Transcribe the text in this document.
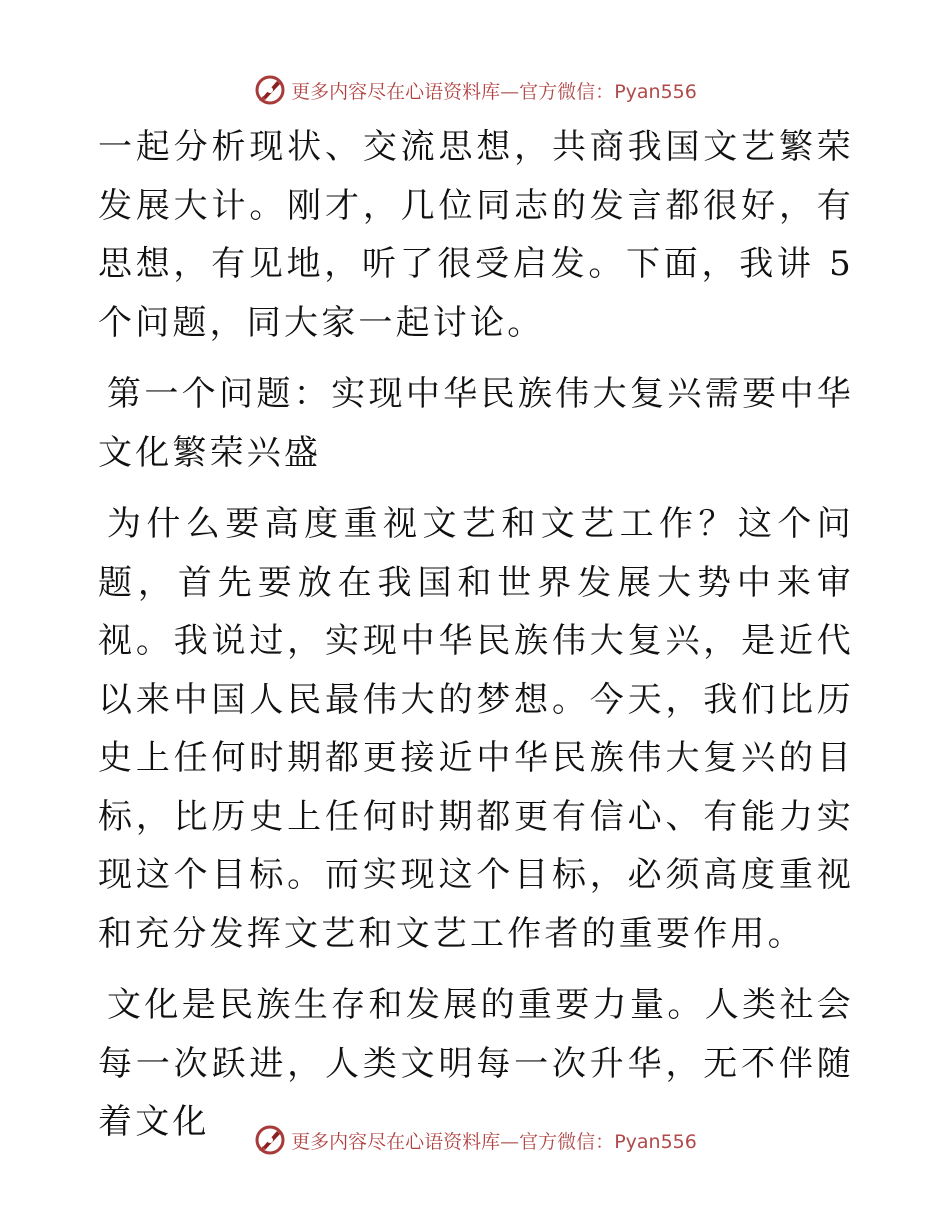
更多内容尽在心语资料库—官方微信：Pyan556

一起分析现状、交流思想，共商我国文艺繁荣发展大计。刚才，几位同志的发言都很好，有思想，有见地，听了很受启发。下面，我讲 5 个问题，同大家一起讨论。

第一个问题：实现中华民族伟大复兴需要中华文化繁荣兴盛

为什么要高度重视文艺和文艺工作？这个问题，首先要放在我国和世界发展大势中来审视。我说过，实现中华民族伟大复兴，是近代以来中国人民最伟大的梦想。今天，我们比历史上任何时期都更接近中华民族伟大复兴的目标，比历史上任何时期都更有信心、有能力实现这个目标。而实现这个目标，必须高度重视和充分发挥文艺和文艺工作者的重要作用。

文化是民族生存和发展的重要力量。人类社会每一次跃进，人类文明每一次升华，无不伴随着文化	更多内容尽在心语资料库—官方微信：Pyan556
